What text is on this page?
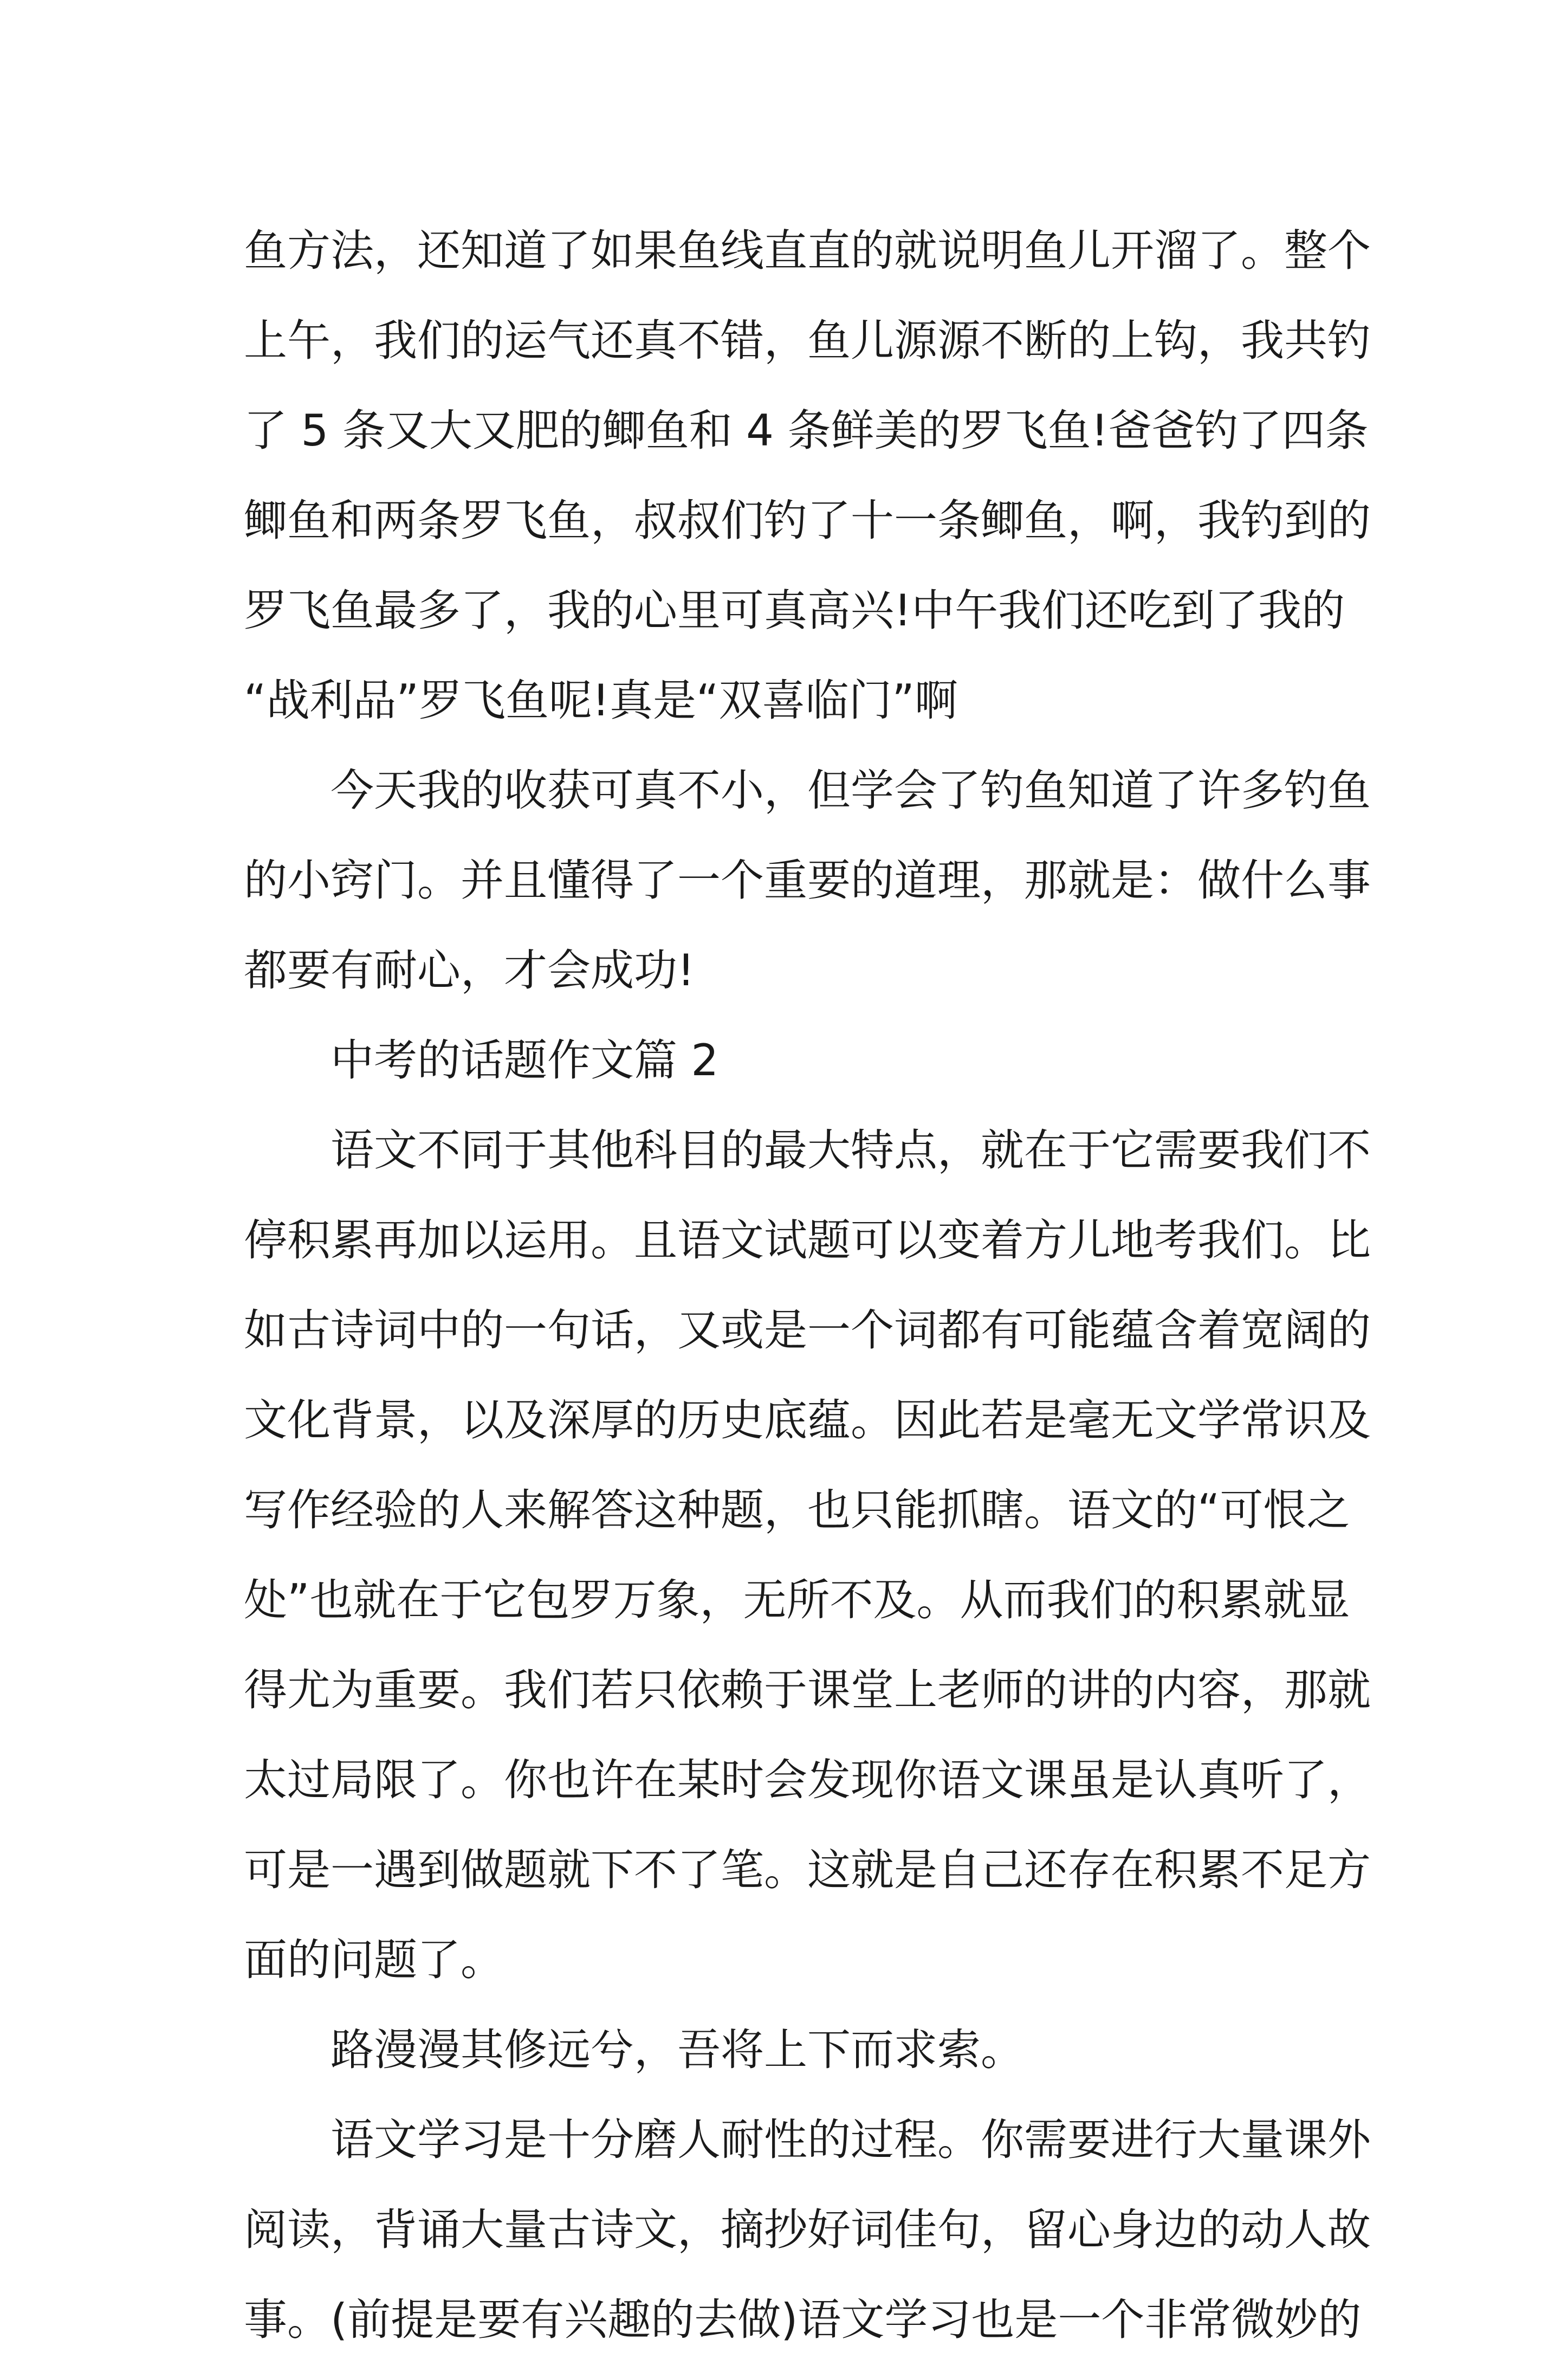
鱼方法，还知道了如果鱼线直直的就说明鱼儿开溜了。整个
上午，我们的运气还真不错，鱼儿源源不断的上钩，我共钓
了 5 条又大又肥的鲫鱼和 4 条鲜美的罗飞鱼!爸爸钓了四条
鲫鱼和两条罗飞鱼，叔叔们钓了十一条鲫鱼，啊，我钓到的
罗飞鱼最多了，我的心里可真高兴!中午我们还吃到了我的
“战利品”罗飞鱼呢!真是“双喜临门”啊
今天我的收获可真不小，但学会了钓鱼知道了许多钓鱼
的小窍门。并且懂得了一个重要的道理，那就是：做什么事
都要有耐心，才会成功!
中考的话题作文篇 2
语文不同于其他科目的最大特点，就在于它需要我们不
停积累再加以运用。且语文试题可以变着方儿地考我们。比
如古诗词中的一句话，又或是一个词都有可能蕴含着宽阔的
文化背景，以及深厚的历史底蕴。因此若是毫无文学常识及
写作经验的人来解答这种题，也只能抓瞎。语文的“可恨之
处”也就在于它包罗万象，无所不及。从而我们的积累就显
得尤为重要。我们若只依赖于课堂上老师的讲的内容，那就
太过局限了。你也许在某时会发现你语文课虽是认真听了，
可是一遇到做题就下不了笔。这就是自己还存在积累不足方
面的问题了。
路漫漫其修远兮，吾将上下而求索。
语文学习是十分磨人耐性的过程。你需要进行大量课外
阅读，背诵大量古诗文，摘抄好词佳句，留心身边的动人故
事。(前提是要有兴趣的去做)语文学习也是一个非常微妙的
